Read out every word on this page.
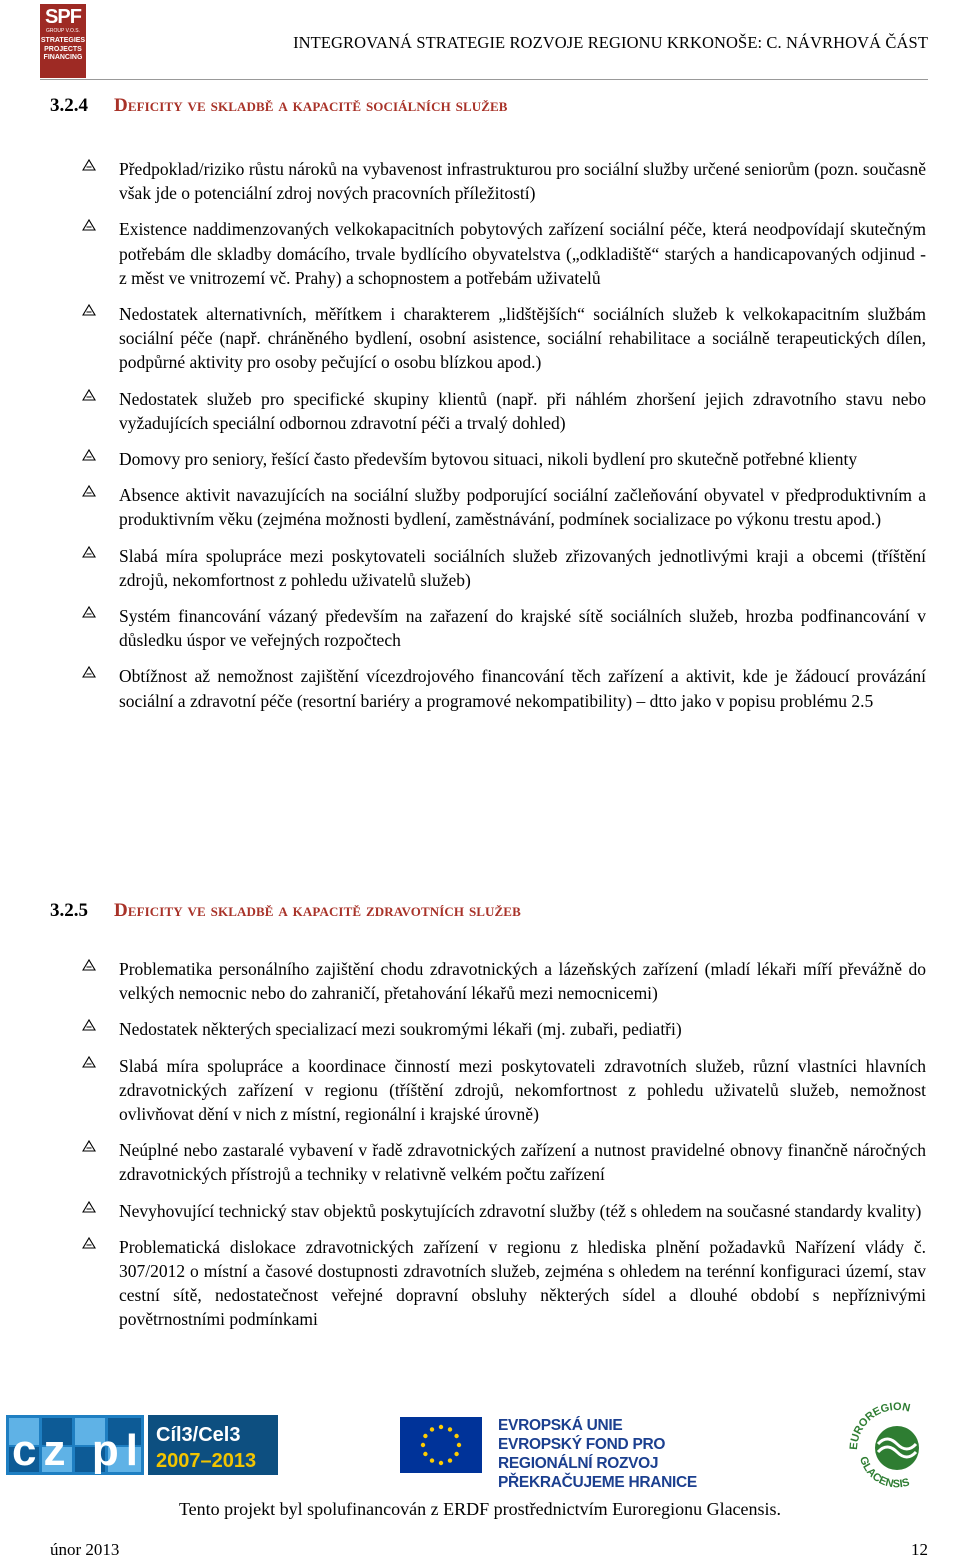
SPF
GROUP V.O.S.
STRATEGIES
PROJECTS
FINANCING
INTEGROVANÁ STRATEGIE ROZVOJE REGIONU KRKONOŠE: C. NÁVRHOVÁ ČÁST
3.2.4 Deficity ve skladbě a kapacitě sociálních služeb
Předpoklad/riziko růstu nároků na vybavenost infrastrukturou pro sociální služby určené seniorům (pozn. současně však jde o potenciální zdroj nových pracovních příležitostí)
Existence naddimenzovaných velkokapacitních pobytových zařízení sociální péče, která neodpovídají skutečným potřebám dle skladby domácího, trvale bydlícího obyvatelstva („odkladiště“ starých a handicapovaných odjinud - z měst ve vnitrozemí vč. Prahy) a schopnostem a potřebám uživatelů
Nedostatek alternativních, měřítkem i charakterem „lidštějších“ sociálních služeb k velkokapacitním službám sociální péče (např. chráněného bydlení, osobní asistence, sociální rehabilitace a sociálně terapeutických dílen, podpůrné aktivity pro osoby pečující o osobu blízkou apod.)
Nedostatek služeb pro specifické skupiny klientů (např. při náhlém zhoršení jejich zdravotního stavu nebo vyžadujících speciální odbornou zdravotní péči a trvalý dohled)
Domovy pro seniory, řešící často především bytovou situaci, nikoli bydlení pro skutečně potřebné klienty
Absence aktivit navazujících na sociální služby podporující sociální začleňování obyvatel v předproduktivním a produktivním věku (zejména možnosti bydlení, zaměstnávání, podmínek socializace po výkonu trestu apod.)
Slabá míra spolupráce mezi poskytovateli sociálních služeb zřizovaných jednotlivými kraji a obcemi (tříštění zdrojů, nekomfortnost z pohledu uživatelů služeb)
Systém financování vázaný především na zařazení do krajské sítě sociálních služeb, hrozba podfinancování v důsledku úspor ve veřejných rozpočtech
Obtížnost až nemožnost zajištění vícezdrojového financování těch zařízení a aktivit, kde je žádoucí provázání sociální a zdravotní péče (resortní bariéry a programové nekompatibility) – dtto jako v popisu problému 2.5
3.2.5 Deficity ve skladbě a kapacitě zdravotních služeb
Problematika personálního zajištění chodu zdravotnických a lázeňských zařízení (mladí lékaři míří převážně do velkých nemocnic nebo do zahraničí, přetahování lékařů mezi nemocnicemi)
Nedostatek některých specializací mezi soukromými lékaři (mj. zubaři, pediatři)
Slabá míra spolupráce a koordinace činností mezi poskytovateli zdravotních služeb, různí vlastníci hlavních zdravotnických zařízení v regionu (tříštění zdrojů, nekomfortnost z pohledu uživatelů služeb, nemožnost ovlivňovat dění v nich z místní, regionální i krajské úrovně)
Neúplné nebo zastaralé vybavení v řadě zdravotnických zařízení a nutnost pravidelné obnovy finančně náročných zdravotnických přístrojů a techniky v relativně velkém počtu zařízení
Nevyhovující technický stav objektů poskytujících zdravotní služby (též s ohledem na současné standardy kvality)
Problematická dislokace zdravotnických zařízení v regionu z hlediska plnění požadavků Nařízení vlády č. 307/2012 o místní a časové dostupnosti zdravotních služeb, zejména s ohledem na terénní konfiguraci území, stav cestní sítě, nedostatečnost veřejné dopravní obsluhy některých sídel a dlouhé období s nepříznivými povětrnostními podmínkami
cz pl Cíl3/Cel3
2007–2013
EVROPSKÁ UNIE
EVROPSKÝ FOND PRO REGIONÁLNÍ ROZVOJ
PŘEKRAČUJEME HRANICE
EUROREGION
GLACENSIS
Tento projekt byl spolufinancován z ERDF prostřednictvím Euroregionu Glacensis.
únor 2013	12
